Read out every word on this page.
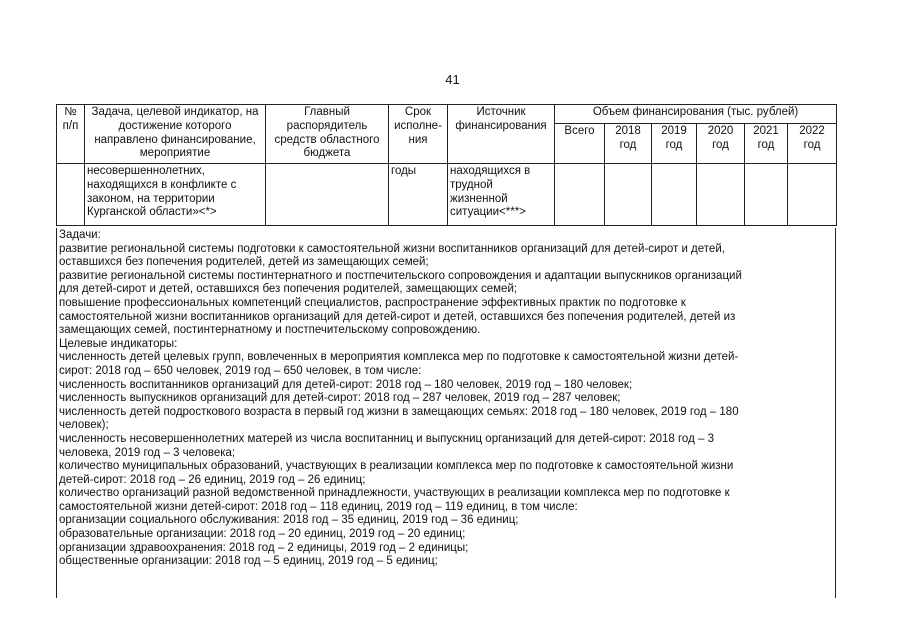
41
№ п/п	Задача, целевой индикатор, на достижение которого направлено финансирование, мероприятие	Главный распорядитель средств областного бюджета	Срок исполне-ния	Источник финансирования	Объем финансирования (тыс. рублей)					
					Всего	2018 год	2019 год	2020 год	2021 год	2022 год
	несовершеннолетних, находящихся в конфликте с законом, на территории Курганской области»<*>		годы	находящихся в трудной жизненной ситуации<***>						
Задачи:
развитие региональной системы подготовки к самостоятельной жизни воспитанников организаций для детей-сирот и детей,
оставшихся без попечения родителей, детей из замещающих семей;
развитие региональной системы постинтернатного и постпечительского сопровождения и адаптации выпускников организаций
для детей-сирот и детей, оставшихся без попечения родителей, замещающих семей;
повышение профессиональных компетенций специалистов, распространение эффективных практик по подготовке к
самостоятельной жизни воспитанников организаций для детей-сирот и детей, оставшихся без попечения родителей, детей из
замещающих семей, постинтернатному и постпечительскому сопровождению.
Целевые индикаторы:
численность детей целевых групп, вовлеченных в мероприятия комплекса мер по подготовке к самостоятельной жизни детей-
сирот: 2018 год – 650 человек, 2019 год – 650 человек, в том числе:
численность воспитанников организаций для детей-сирот: 2018 год – 180 человек, 2019 год – 180 человек;
численность выпускников организаций для детей-сирот: 2018 год – 287 человек, 2019 год – 287 человек;
численность детей подросткового возраста в первый год жизни в замещающих семьях: 2018 год – 180 человек, 2019 год – 180
человек);
численность несовершеннолетних матерей из числа воспитанниц и выпускниц организаций для детей-сирот: 2018 год – 3
человека, 2019 год – 3 человека;
количество муниципальных образований, участвующих в реализации комплекса мер по подготовке к самостоятельной жизни
детей-сирот: 2018 год – 26 единиц, 2019 год – 26 единиц;
количество организаций разной ведомственной принадлежности, участвующих в реализации комплекса мер по подготовке к
самостоятельной жизни детей-сирот: 2018 год – 118 единиц, 2019 год – 119 единиц, в том числе:
организации социального обслуживания: 2018 год – 35 единиц, 2019 год – 36 единиц;
образовательные организации: 2018 год – 20 единиц, 2019 год – 20 единиц;
организации здравоохранения: 2018 год – 2 единицы, 2019 год – 2 единицы;
общественные организации: 2018 год – 5 единиц, 2019 год – 5 единиц;
